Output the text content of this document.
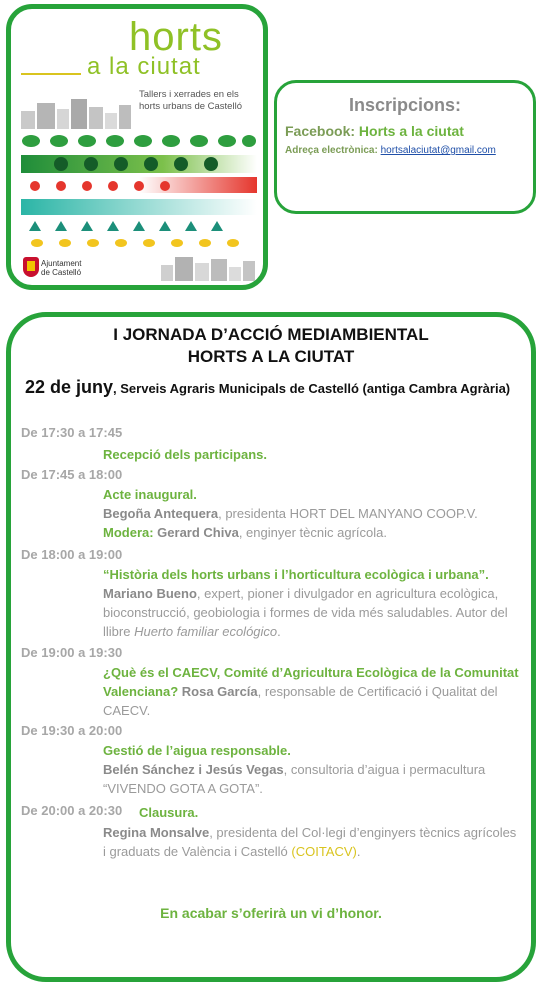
horts
a la ciutat
Tallers i xerrades en els horts urbans de Castelló
Ajuntament
de Castelló
Inscripcions:
Facebook: Horts a la ciutat
Adreça electrònica: hortsalaciutat@gmail.com
I JORNADA D’ACCIÓ MEDIAMBIENTAL
HORTS A LA CIUTAT
22 de juny, Serveis Agraris Municipals de Castelló (antiga Cambra Agrària)
De 17:30 a 17:45
Recepció dels participans.
De 17:45 a 18:00
Acte inaugural.
Begoña Antequera, presidenta HORT DEL MANYANO COOP.V.
Modera: Gerard Chiva, enginyer tècnic agrícola.
De 18:00 a 19:00
“Història dels horts urbans i l’horticultura ecològica i urbana”.
Mariano Bueno, expert, pioner i divulgador en agricultura ecològica, bioconstrucció, geobiologia i formes de vida més saludables. Autor del llibre Huerto familiar ecológico.
De 19:00 a 19:30
¿Què és el CAECV, Comité d’Agricultura Ecològica de la Comunitat Valenciana? Rosa García, responsable de Certificació i Qualitat del CAECV.
De 19:30 a 20:00
Gestió de l’aigua responsable.
Belén Sánchez i Jesús Vegas, consultoria d’aigua i permacultura “VIVENDO GOTA A GOTA”.
De 20:00 a 20:30 Clausura.
Regina Monsalve, presidenta del Col·legi d’enginyers tècnics agrícoles i graduats de València i Castelló (COITACV).
En acabar s’oferirà un vi d’honor.
